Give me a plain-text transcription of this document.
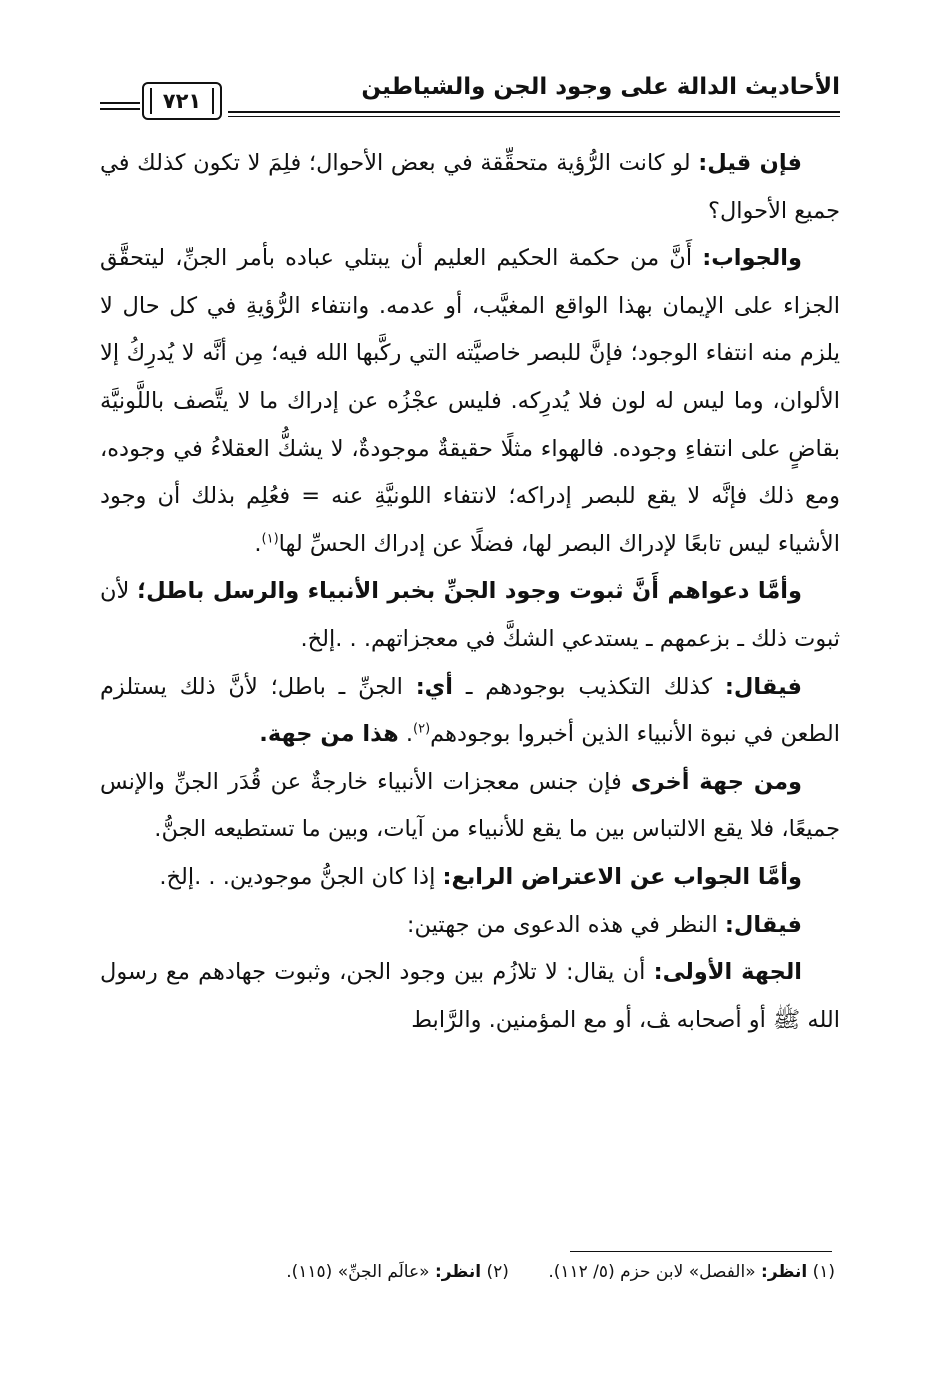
الأحاديث الدالة على وجود الجن والشياطين
٧٢١

فإن قيل: لو كانت الرُّؤية متحقِّقة في بعض الأحوال؛ فلِمَ لا تكون كذلك في جميع الأحوال؟

والجواب: أَنَّ من حكمة الحكيم العليم أن يبتلي عباده بأمر الجنِّ، ليتحقَّق الجزاء على الإيمان بهذا الواقع المغيَّب، أو عدمه. وانتفاء الرُّؤيةِ في كل حال لا يلزم منه انتفاء الوجود؛ فإنَّ للبصر خاصيَّته التي ركَّبها الله فيه؛ مِن أنَّه لا يُدرِكُ إلا الألوان، وما ليس له لون فلا يُدرِكه. فليس عجْزُه عن إدراك ما لا يتَّصف باللَّونيَّة بقاضٍ على انتفاءِ وجوده. فالهواء مثلًا حقيقةٌ موجودةٌ، لا يشكُّ العقلاءُ في وجوده، ومع ذلك فإنَّه لا يقع للبصر إدراكه؛ لانتفاء اللونيَّةِ عنه = فعُلِم بذلك أن وجود الأشياء ليس تابعًا لإدراك البصر لها، فضلًا عن إدراك الحسِّ لها$^{(١)}$.

وأمَّا دعواهم أَنَّ ثبوت وجود الجنِّ بخبر الأنبياء والرسل باطل؛ لأن ثبوت ذلك ـ بزعمهم ـ يستدعي الشكَّ في معجزاتهم. . .إلخ.

فيقال: كذلك التكذيب بوجودهم ـ أي: الجنِّ ـ باطل؛ لأنَّ ذلك يستلزم الطعن في نبوة الأنبياء الذين أخبروا بوجودهم$^{(٢)}$. هذا من جهة.

ومن جهة أخرى فإن جنس معجزات الأنبياء خارجةٌ عن قُدَر الجنِّ والإنس جميعًا، فلا يقع الالتباس بين ما يقع للأنبياء من آيات، وبين ما تستطيعه الجنُّ.

وأمَّا الجواب عن الاعتراض الرابع: إذا كان الجنُّ موجودين. . .إلخ.

فيقال: النظر في هذه الدعوى من جهتين:

الجهة الأولى: أن يقال: لا تلازُم بين وجود الجن، وثبوت جهادهم مع رسول الله ﷺ أو أصحابه ﭫ، أو مع المؤمنين. والرَّابط

(١) انظر: «الفصل» لابن حزم (٥/ ١١٢). (٢) انظر: «عالَم الجنِّ» (١١٥).
